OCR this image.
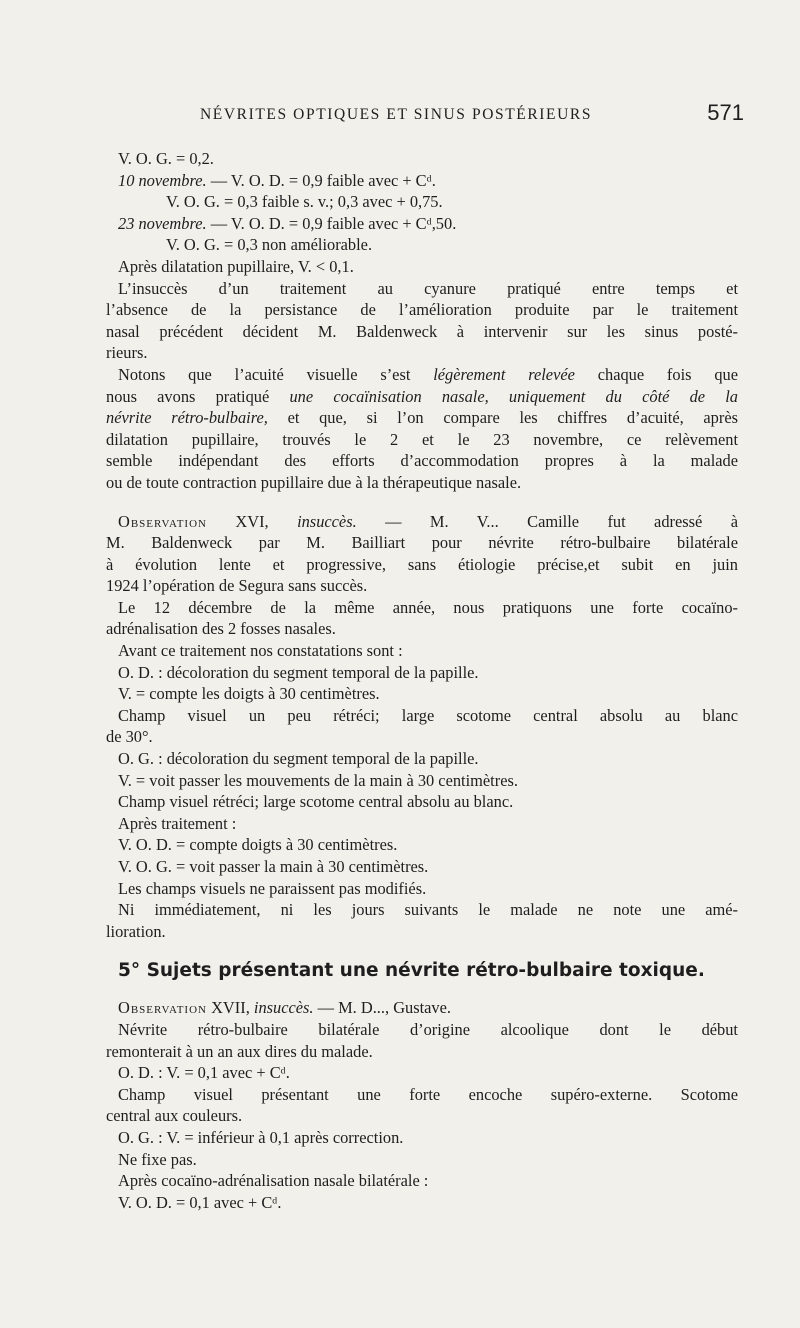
NÉVRITES OPTIQUES ET SINUS POSTÉRIEURS	571
V. O. G. = 0,2.
10 novembre. — V. O. D. = 0,9 faible avec + Cᵈ.
V. O. G. = 0,3 faible s. v.; 0,3 avec + 0,75.
23 novembre. — V. O. D. = 0,9 faible avec + Cᵈ,50.
V. O. G. = 0,3 non améliorable.
Après dilatation pupillaire, V. < 0,1.
L’insuccès d’un traitement au cyanure pratiqué entre temps et
l’absence de la persistance de l’amélioration produite par le traitement
nasal précédent décident M. Baldenweck à intervenir sur les sinus posté-
rieurs.
Notons que l’acuité visuelle s’est légèrement relevée chaque fois que
nous avons pratiqué une cocaïnisation nasale, uniquement du côté de la
névrite rétro-bulbaire, et que, si l’on compare les chiffres d’acuité, après
dilatation pupillaire, trouvés le 2 et le 23 novembre, ce relèvement
semble indépendant des efforts d’accommodation propres à la malade
ou de toute contraction pupillaire due à la thérapeutique nasale.
Observation XVI, insuccès. — M. V... Camille fut adressé à
M. Baldenweck par M. Bailliart pour névrite rétro-bulbaire bilatérale
à évolution lente et progressive, sans étiologie précise,et subit en juin
1924 l’opération de Segura sans succès.
Le 12 décembre de la même année, nous pratiquons une forte cocaïno-
adrénalisation des 2 fosses nasales.
Avant ce traitement nos constatations sont :
O. D. : décoloration du segment temporal de la papille.
V. = compte les doigts à 30 centimètres.
Champ visuel un peu rétréci; large scotome central absolu au blanc
de 30°.
O. G. : décoloration du segment temporal de la papille.
V. = voit passer les mouvements de la main à 30 centimètres.
Champ visuel rétréci; large scotome central absolu au blanc.
Après traitement :
V. O. D. = compte doigts à 30 centimètres.
V. O. G. = voit passer la main à 30 centimètres.
Les champs visuels ne paraissent pas modifiés.
Ni immédiatement, ni les jours suivants le malade ne note une amé-
lioration.
5° Sujets présentant une névrite rétro-bulbaire toxique.
Observation XVII, insuccès. — M. D..., Gustave.
Névrite rétro-bulbaire bilatérale d’origine alcoolique dont le début
remonterait à un an aux dires du malade.
O. D. : V. = 0,1 avec + Cᵈ.
Champ visuel présentant une forte encoche supéro-externe. Scotome
central aux couleurs.
O. G. : V. = inférieur à 0,1 après correction.
Ne fixe pas.
Après cocaïno-adrénalisation nasale bilatérale :
V. O. D. = 0,1 avec + Cᵈ.
